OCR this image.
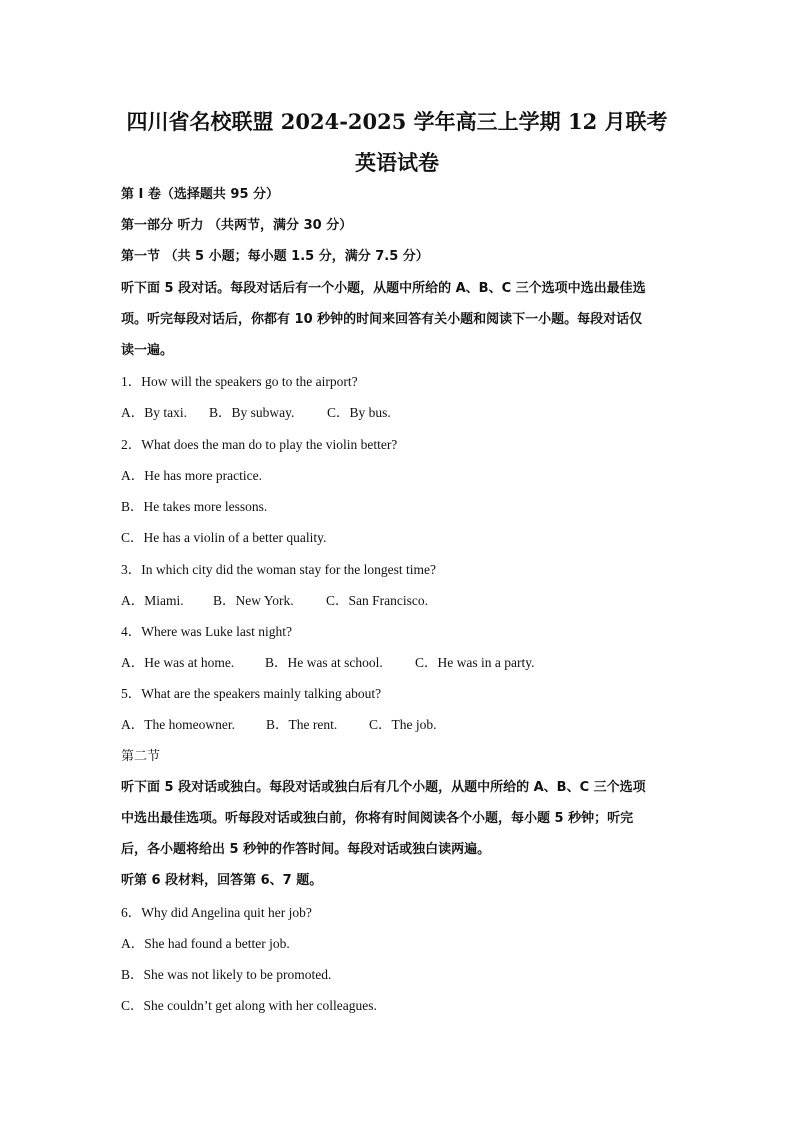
四川省名校联盟 2024-2025 学年高三上学期 12 月联考
英语试卷
第 I 卷（选择题共 95 分）
第一部分 听力 （共两节，满分 30 分）
第一节 （共 5 小题；每小题 1.5 分，满分 7.5 分）
听下面 5 段对话。每段对话后有一个小题，从题中所给的 A、B、C 三个选项中选出最佳选
项。听完每段对话后，你都有 10 秒钟的时间来回答有关小题和阅读下一小题。每段对话仅
读一遍。
1．How will the speakers go to the airport?
A．By taxi. B．By subway. C．By bus.
2．What does the man do to play the violin better?
A．He has more practice.
B．He takes more lessons.
C．He has a violin of a better quality.
3．In which city did the woman stay for the longest time?
A．Miami. B．New York. C．San Francisco.
4．Where was Luke last night?
A．He was at home. B．He was at school. C．He was in a party.
5．What are the speakers mainly talking about?
A．The homeowner. B．The rent. C．The job.
第二节
听下面 5 段对话或独白。每段对话或独白后有几个小题，从题中所给的 A、B、C 三个选项
中选出最佳选项。听每段对话或独白前，你将有时间阅读各个小题，每小题 5 秒钟；听完
后，各小题将给出 5 秒钟的作答时间。每段对话或独白读两遍。
听第 6 段材料，回答第 6、7 题。
6．Why did Angelina quit her job?
A．She had found a better job.
B．She was not likely to be promoted.
C．She couldn’t get along with her colleagues.
